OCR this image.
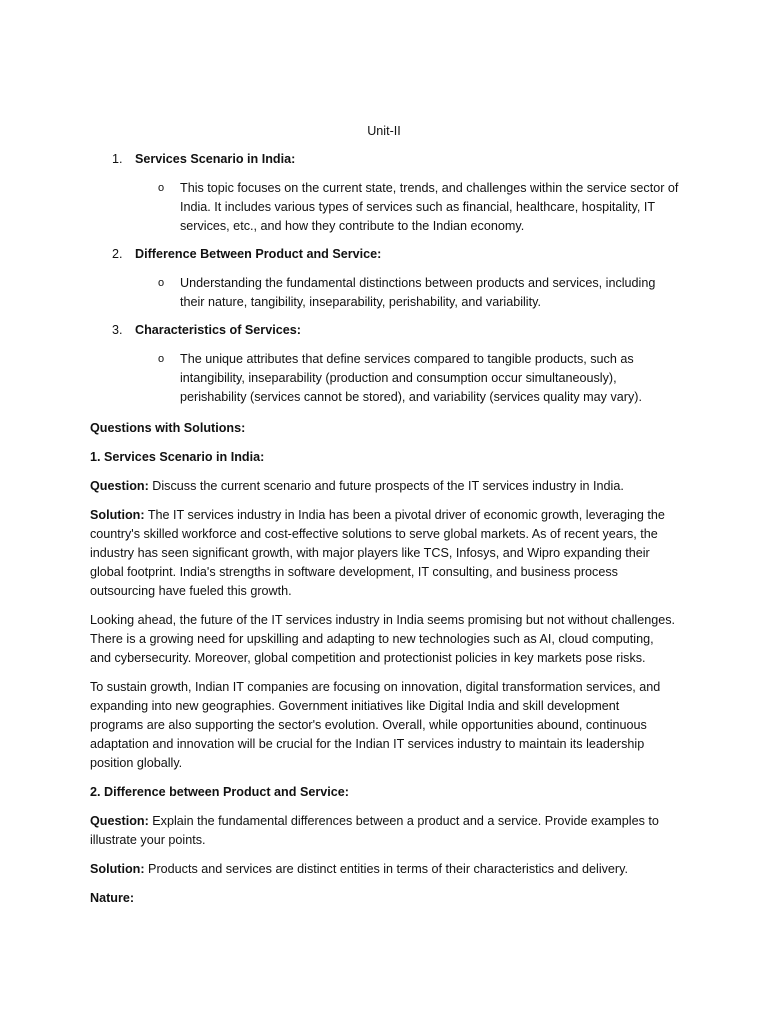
Unit-II

1. Services Scenario in India:

o This topic focuses on the current state, trends, and challenges within the service sector of India. It includes various types of services such as financial, healthcare, hospitality, IT services, etc., and how they contribute to the Indian economy.

2. Difference Between Product and Service:

o Understanding the fundamental distinctions between products and services, including their nature, tangibility, inseparability, perishability, and variability.

3. Characteristics of Services:

o The unique attributes that define services compared to tangible products, such as intangibility, inseparability (production and consumption occur simultaneously), perishability (services cannot be stored), and variability (services quality may vary).

Questions with Solutions:

1. Services Scenario in India:

Question: Discuss the current scenario and future prospects of the IT services industry in India.

Solution: The IT services industry in India has been a pivotal driver of economic growth, leveraging the country's skilled workforce and cost-effective solutions to serve global markets. As of recent years, the industry has seen significant growth, with major players like TCS, Infosys, and Wipro expanding their global footprint. India's strengths in software development, IT consulting, and business process outsourcing have fueled this growth.

Looking ahead, the future of the IT services industry in India seems promising but not without challenges. There is a growing need for upskilling and adapting to new technologies such as AI, cloud computing, and cybersecurity. Moreover, global competition and protectionist policies in key markets pose risks.

To sustain growth, Indian IT companies are focusing on innovation, digital transformation services, and expanding into new geographies. Government initiatives like Digital India and skill development programs are also supporting the sector's evolution. Overall, while opportunities abound, continuous adaptation and innovation will be crucial for the Indian IT services industry to maintain its leadership position globally.

2. Difference between Product and Service:

Question: Explain the fundamental differences between a product and a service. Provide examples to illustrate your points.

Solution: Products and services are distinct entities in terms of their characteristics and delivery.

Nature:
